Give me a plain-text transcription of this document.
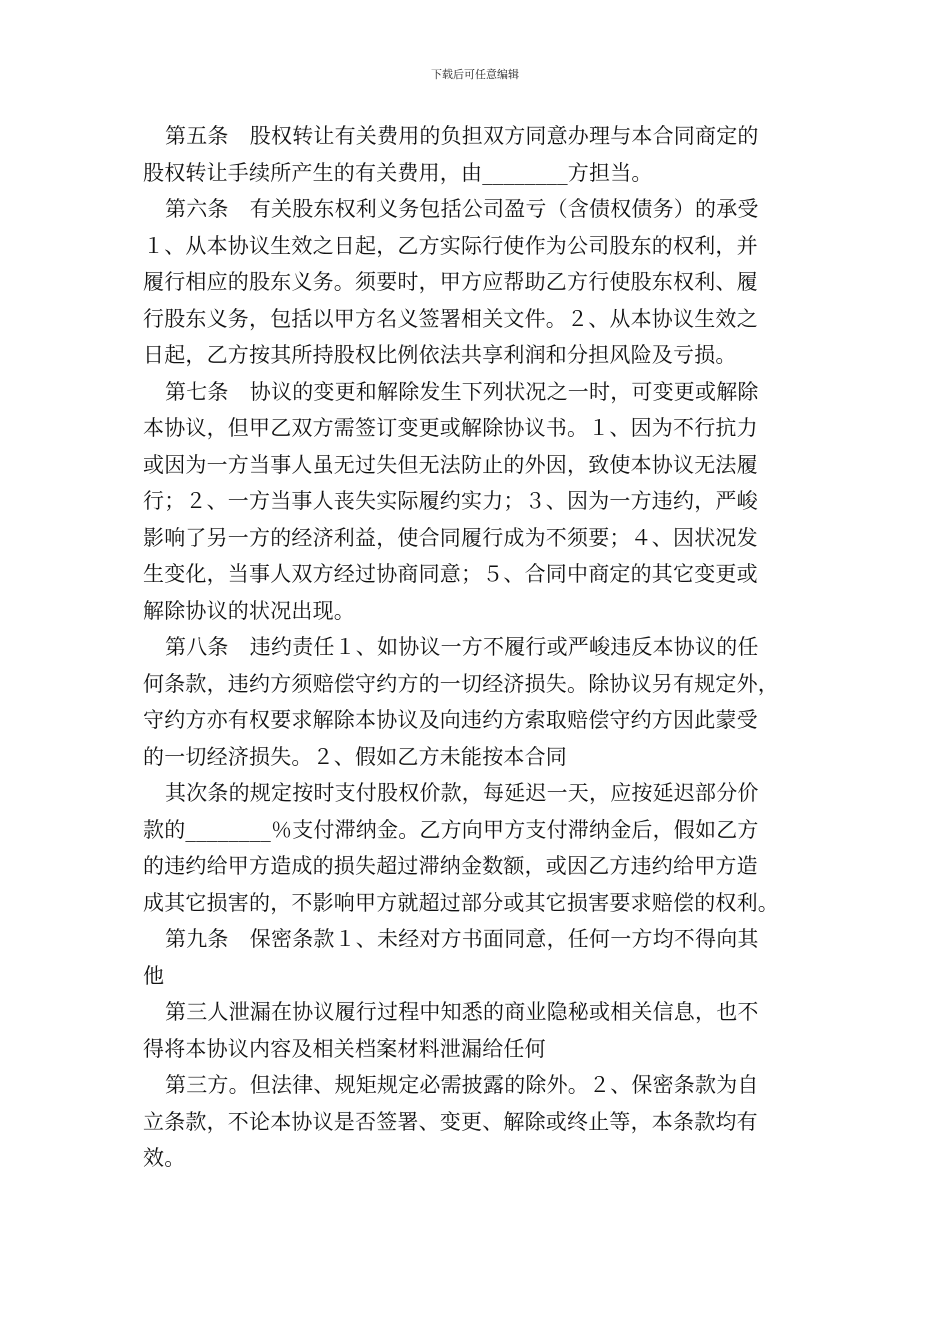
下载后可任意编辑
第五条　股权转让有关费用的负担双方同意办理与本合同商定的
股权转让手续所产生的有关费用，由________方担当。
第六条　有关股东权利义务包括公司盈亏（含债权债务）的承受
１、从本协议生效之日起，乙方实际行使作为公司股东的权利，并
履行相应的股东义务。须要时，甲方应帮助乙方行使股东权利、履
行股东义务，包括以甲方名义签署相关文件。２、从本协议生效之
日起，乙方按其所持股权比例依法共享利润和分担风险及亏损。
第七条　协议的变更和解除发生下列状况之一时，可变更或解除
本协议，但甲乙双方需签订变更或解除协议书。１、因为不行抗力
或因为一方当事人虽无过失但无法防止的外因，致使本协议无法履
行；２、一方当事人丧失实际履约实力；３、因为一方违约，严峻
影响了另一方的经济利益，使合同履行成为不须要；４、因状况发
生变化，当事人双方经过协商同意；５、合同中商定的其它变更或
解除协议的状况出现。
第八条　违约责任１、如协议一方不履行或严峻违反本协议的任
何条款，违约方须赔偿守约方的一切经济损失。除协议另有规定外，
守约方亦有权要求解除本协议及向违约方索取赔偿守约方因此蒙受
的一切经济损失。２、假如乙方未能按本合同
其次条的规定按时支付股权价款，每延迟一天，应按延迟部分价
款的________％支付滞纳金。乙方向甲方支付滞纳金后，假如乙方
的违约给甲方造成的损失超过滞纳金数额，或因乙方违约给甲方造
成其它损害的，不影响甲方就超过部分或其它损害要求赔偿的权利。
第九条　保密条款１、未经对方书面同意，任何一方均不得向其
他
第三人泄漏在协议履行过程中知悉的商业隐秘或相关信息，也不
得将本协议内容及相关档案材料泄漏给任何
第三方。但法律、规矩规定必需披露的除外。２、保密条款为自
立条款，不论本协议是否签署、变更、解除或终止等，本条款均有
效。
